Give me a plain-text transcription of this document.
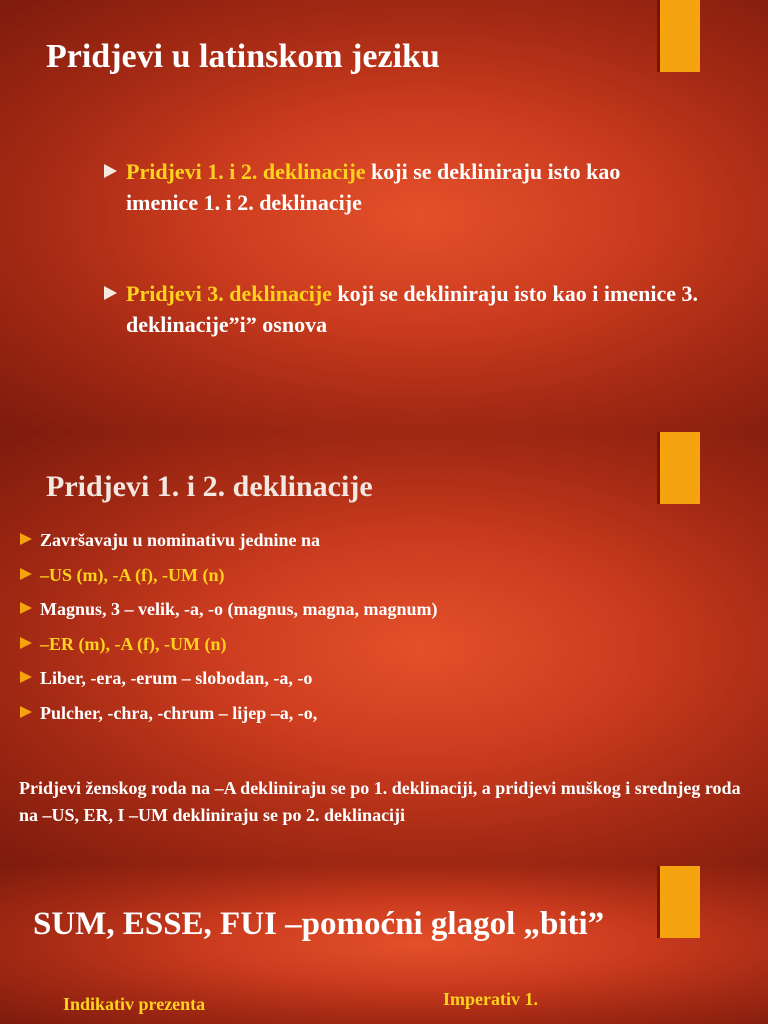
Pridjevi u latinskom jeziku
Pridjevi 1. i 2. deklinacije koji se dekliniraju isto kao imenice 1. i 2. deklinacije
Pridjevi 3. deklinacije koji se dekliniraju isto kao i imenice 3. deklinacije”i” osnova
Pridjevi 1. i 2. deklinacije
Završavaju u nominativu jednine na
–US (m), -A (f), -UM (n)
Magnus, 3 – velik, -a, -o (magnus, magna, magnum)
–ER (m), -A (f), -UM (n)
Liber, -era, -erum – slobodan, -a, -o
Pulcher, -chra, -chrum – lijep –a, -o,
Pridjevi ženskog roda na –A dekliniraju se po 1. deklinaciji, a pridjevi muškog i srednjeg roda na –US, ER, I –UM dekliniraju se po 2. deklinaciji
SUM, ESSE, FUI –pomoćni glagol „biti”
Indikativ prezenta	Imperativ 1.
